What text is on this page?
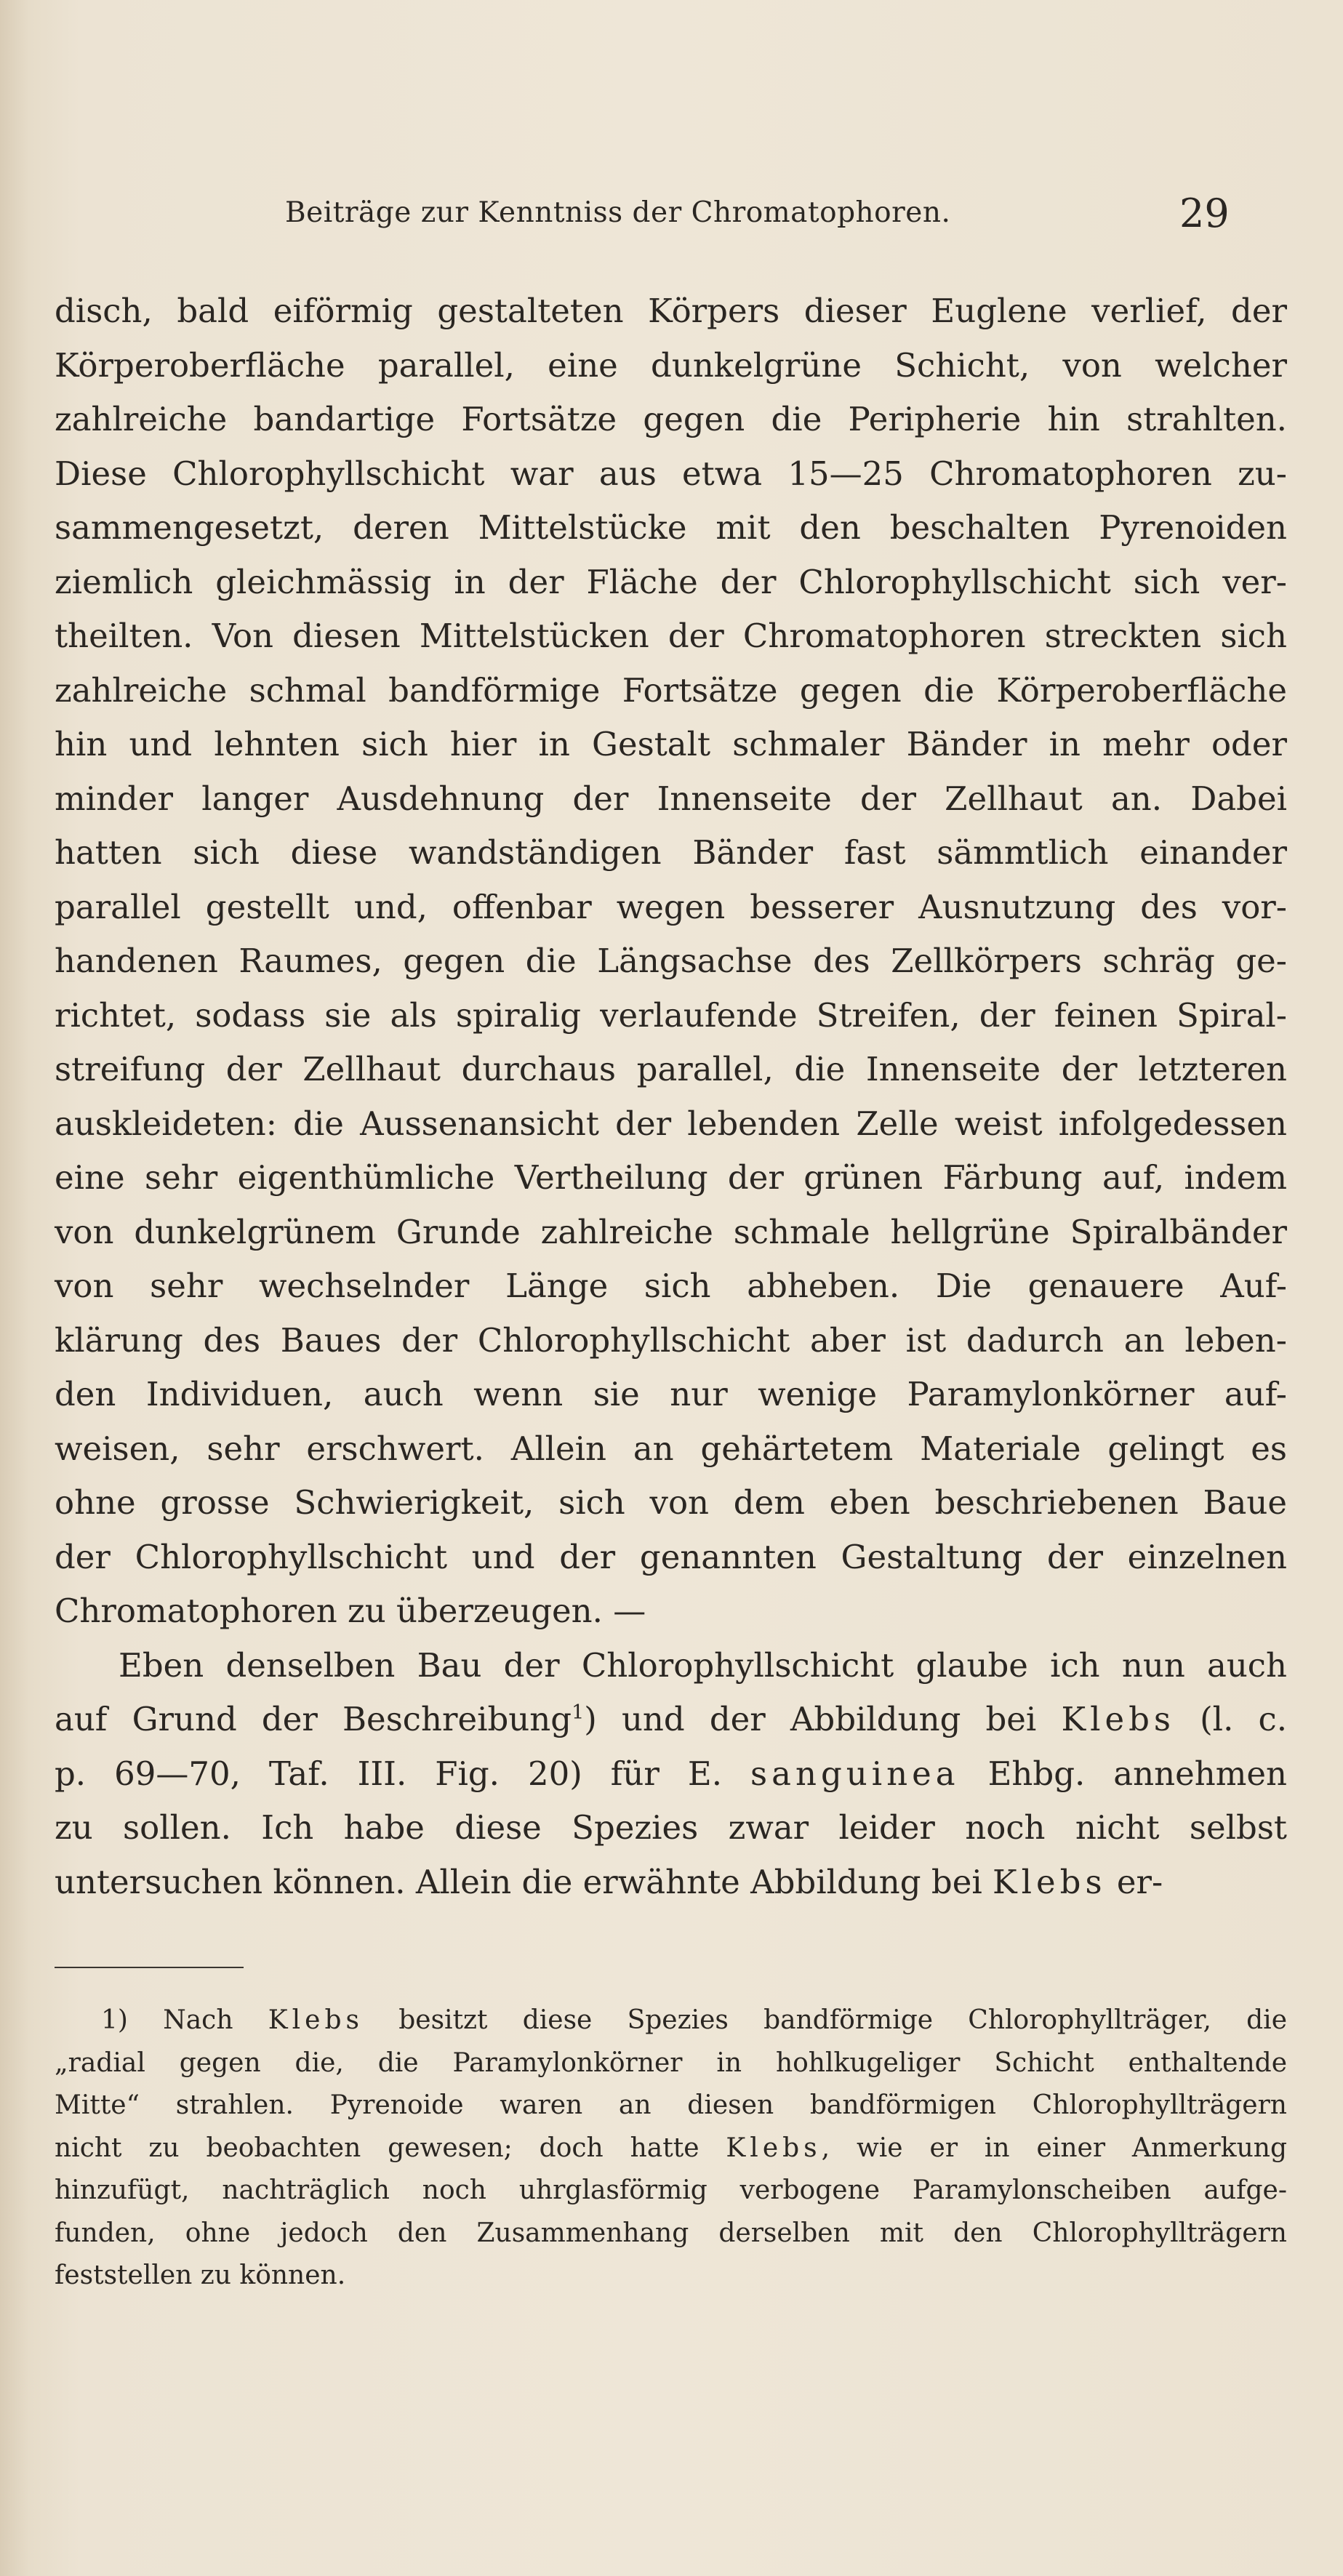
Beiträge zur Kenntniss der Chromatophoren.	29
disch, bald eiförmig gestalteten Körpers dieser Euglene verlief, der
Körperoberfläche parallel, eine dunkelgrüne Schicht, von welcher
zahlreiche bandartige Fortsätze gegen die Peripherie hin strahlten.
Diese Chlorophyllschicht war aus etwa 15—25 Chromatophoren zu-
sammengesetzt, deren Mittelstücke mit den beschalten Pyrenoiden
ziemlich gleichmässig in der Fläche der Chlorophyllschicht sich ver-
theilten. Von diesen Mittelstücken der Chromatophoren streckten sich
zahlreiche schmal bandförmige Fortsätze gegen die Körperoberfläche
hin und lehnten sich hier in Gestalt schmaler Bänder in mehr oder
minder langer Ausdehnung der Innenseite der Zellhaut an. Dabei
hatten sich diese wandständigen Bänder fast sämmtlich einander
parallel gestellt und, offenbar wegen besserer Ausnutzung des vor-
handenen Raumes, gegen die Längsachse des Zellkörpers schräg ge-
richtet, sodass sie als spiralig verlaufende Streifen, der feinen Spiral-
streifung der Zellhaut durchaus parallel, die Innenseite der letzteren
auskleideten: die Aussenansicht der lebenden Zelle weist infolgedessen
eine sehr eigenthümliche Vertheilung der grünen Färbung auf, indem
von dunkelgrünem Grunde zahlreiche schmale hellgrüne Spiralbänder
von sehr wechselnder Länge sich abheben. Die genauere Auf-
klärung des Baues der Chlorophyllschicht aber ist dadurch an leben-
den Individuen, auch wenn sie nur wenige Paramylonkörner auf-
weisen, sehr erschwert. Allein an gehärtetem Materiale gelingt es
ohne grosse Schwierigkeit, sich von dem eben beschriebenen Baue
der Chlorophyllschicht und der genannten Gestaltung der einzelnen
Chromatophoren zu überzeugen. —
Eben denselben Bau der Chlorophyllschicht glaube ich nun auch
auf Grund der Beschreibung$^1$) und der Abbildung bei Klebs (l. c.
p. 69—70, Taf. III. Fig. 20) für E. sanguinea Ehbg. annehmen
zu sollen. Ich habe diese Spezies zwar leider noch nicht selbst
untersuchen können. Allein die erwähnte Abbildung bei Klebs er-
1) Nach Klebs besitzt diese Spezies bandförmige Chlorophyllträger, die
„radial gegen die, die Paramylonkörner in hohlkugeliger Schicht enthaltende
Mitte“ strahlen. Pyrenoide waren an diesen bandförmigen Chlorophyllträgern
nicht zu beobachten gewesen; doch hatte Klebs, wie er in einer Anmerkung
hinzufügt, nachträglich noch uhrglasförmig verbogene Paramylonscheiben aufge-
funden, ohne jedoch den Zusammenhang derselben mit den Chlorophyllträgern
feststellen zu können.
